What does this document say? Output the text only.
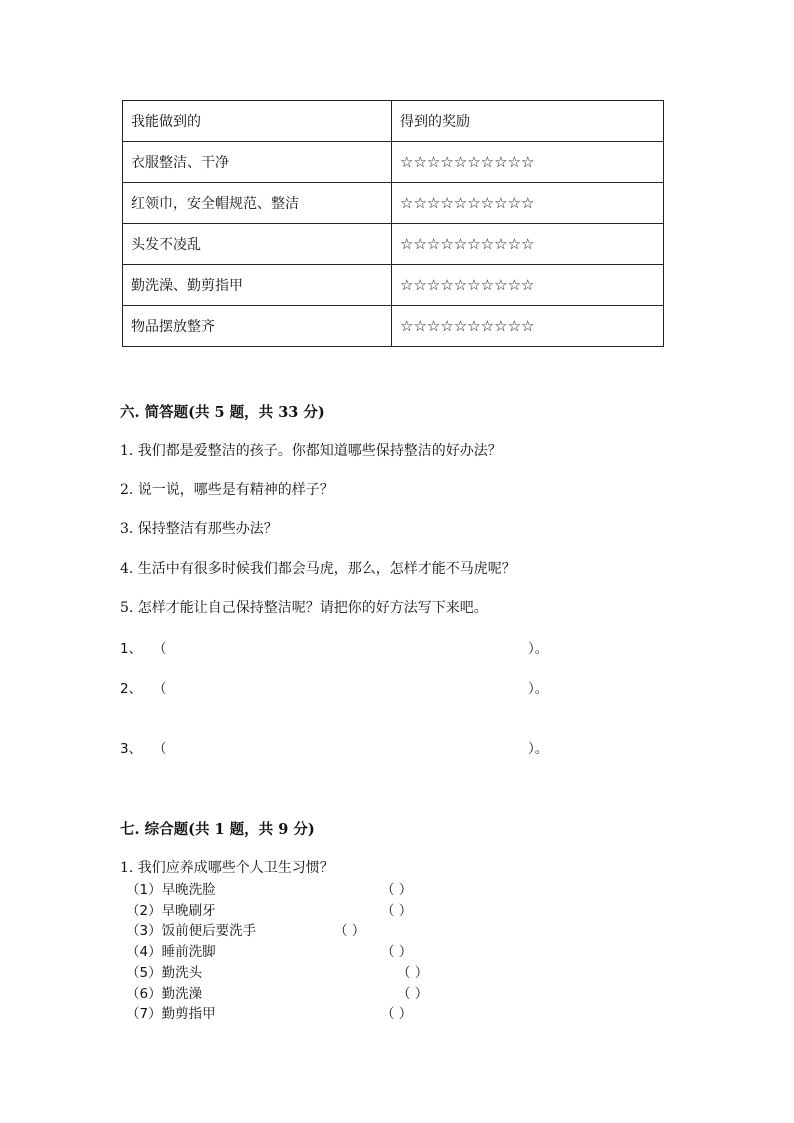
我能做到的	得到的奖励
衣服整洁、干净	☆☆☆☆☆☆☆☆☆☆
红领巾，安全帽规范、整洁	☆☆☆☆☆☆☆☆☆☆
头发不凌乱	☆☆☆☆☆☆☆☆☆☆
勤洗澡、勤剪指甲	☆☆☆☆☆☆☆☆☆☆
物品摆放整齐	☆☆☆☆☆☆☆☆☆☆
六. 简答题(共 5 题，共 33 分)
1. 我们都是爱整洁的孩子。你都知道哪些保持整洁的好办法？
2. 说一说，哪些是有精神的样子？
3. 保持整洁有那些办法？
4. 生活中有很多时候我们都会马虎，那么，怎样才能不马虎呢？
5. 怎样才能让自己保持整洁呢？请把你的好方法写下来吧。
1、 （	）。
2、 （	）。
3、 （	）。
七. 综合题(共 1 题，共 9 分)
1. 我们应养成哪些个人卫生习惯？
（1）早晚洗脸	（ ）
（2）早晚刷牙	（ ）
（3）饭前便后要洗手	（ ）
（4）睡前洗脚	（ ）
（5）勤洗头	（ ）
（6）勤洗澡	（ ）
（7）勤剪指甲	（ ）
